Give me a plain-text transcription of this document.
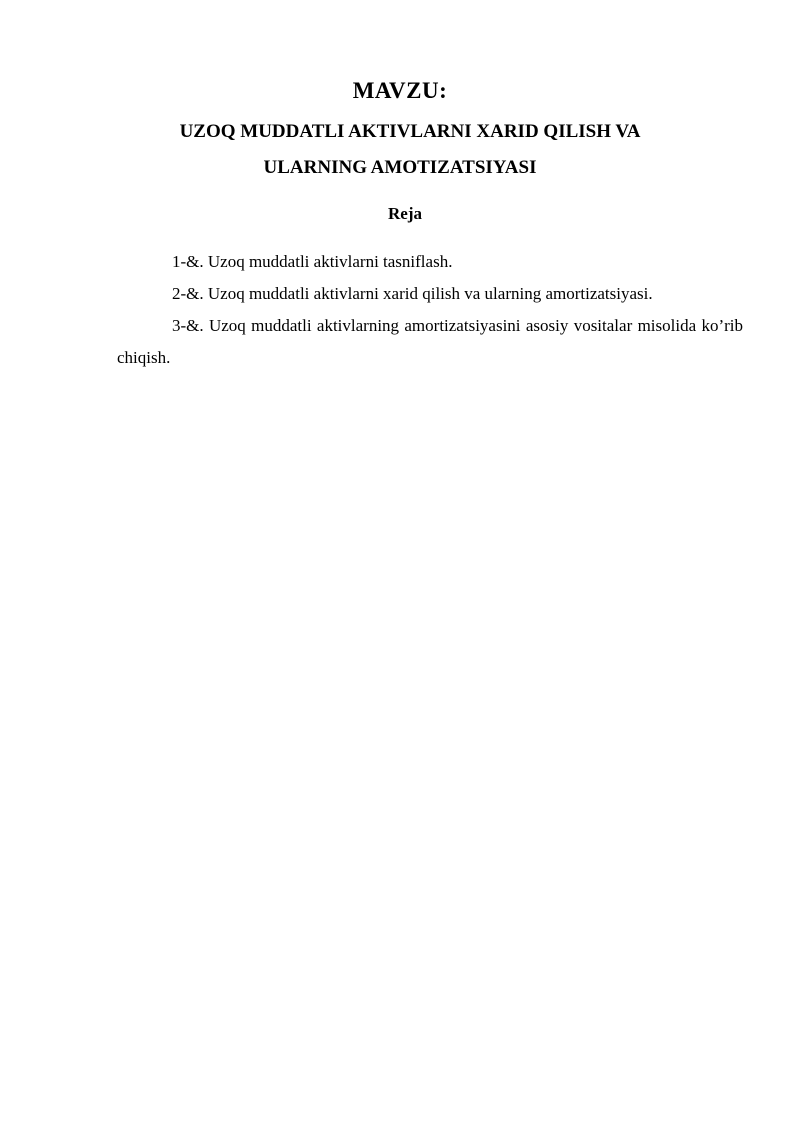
MAVZU:
UZOQ MUDDATLI AKTIVLARNI XARID QILISH VA
ULARNING AMOTIZATSIYASI
Reja
1-&. Uzoq muddatli aktivlarni tasniflash.
2-&. Uzoq muddatli aktivlarni xarid qilish va ularning amortizatsiyasi.
3-&. Uzoq muddatli aktivlarning amortizatsiyasini asosiy vositalar misolida ko’rib chiqish.
